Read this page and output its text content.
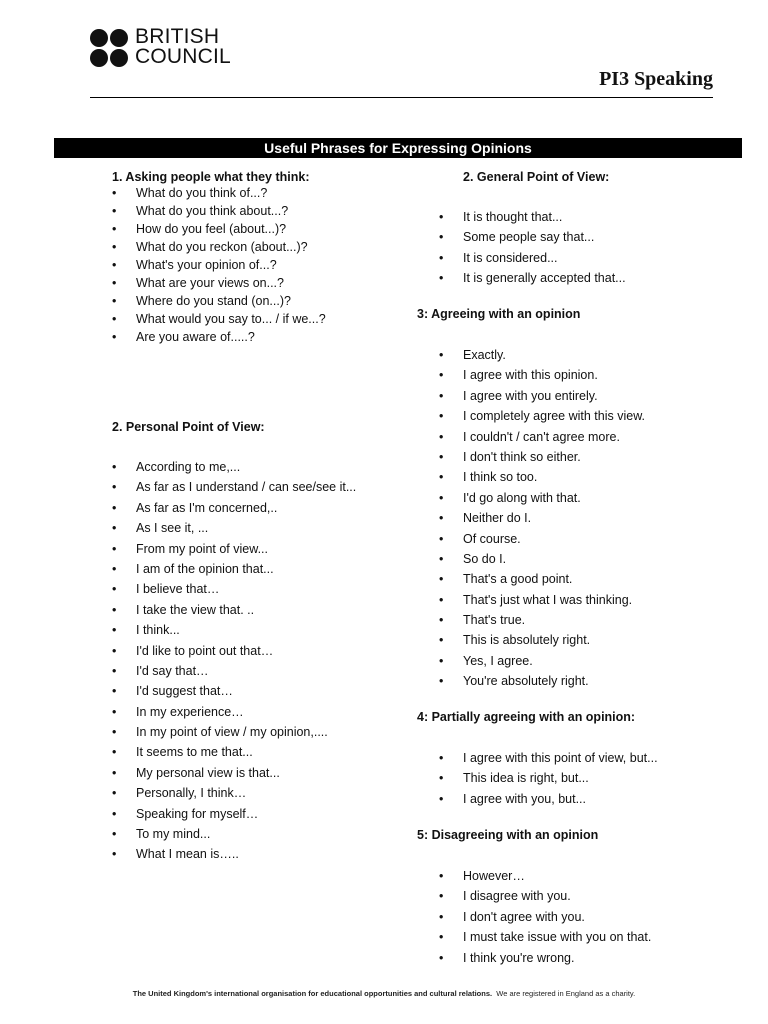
BRITISH
COUNCIL
PI3 Speaking
Useful Phrases for Expressing Opinions
1. Asking people what they think:
• What do you think of...?
• What do you think about...?
• How do you feel (about...)?
• What do you reckon (about...)?
• What's your opinion of...?
• What are your views on...?
• Where do you stand (on...)?
• What would you say to... / if we...?
• Are you aware of.....?
2. Personal Point of View:
• According to me,...
• As far as I understand / can see/see it...
• As far as I'm concerned,..
• As I see it, ...
• From my point of view...
• I am of the opinion that...
• I believe that…
• I take the view that. ..
• I think...
• I'd like to point out that…
• I'd say that…
• I'd suggest that…
• In my experience…
• In my point of view / my opinion,....
• It seems to me that...
• My personal view is that...
• Personally, I think…
• Speaking for myself…
• To my mind...
• What I mean is…..
2. General Point of View:
• It is thought that...
• Some people say that...
• It is considered...
• It is generally accepted that...
3: Agreeing with an opinion
• Exactly.
• I agree with this opinion.
• I agree with you entirely.
• I completely agree with this view.
• I couldn't / can't agree more.
• I don't think so either.
• I think so too.
• I'd go along with that.
• Neither do I.
• Of course.
• So do I.
• That's a good point.
• That's just what I was thinking.
• That's true.
• This is absolutely right.
• Yes, I agree.
• You're absolutely right.
4: Partially agreeing with an opinion:
• I agree with this point of view, but...
• This idea is right, but...
• I agree with you, but...
5: Disagreeing with an opinion
• However…
• I disagree with you.
• I don't agree with you.
• I must take issue with you on that.
• I think you're wrong.
The United Kingdom's international organisation for educational opportunities and cultural relations. We are registered in England as a charity.
